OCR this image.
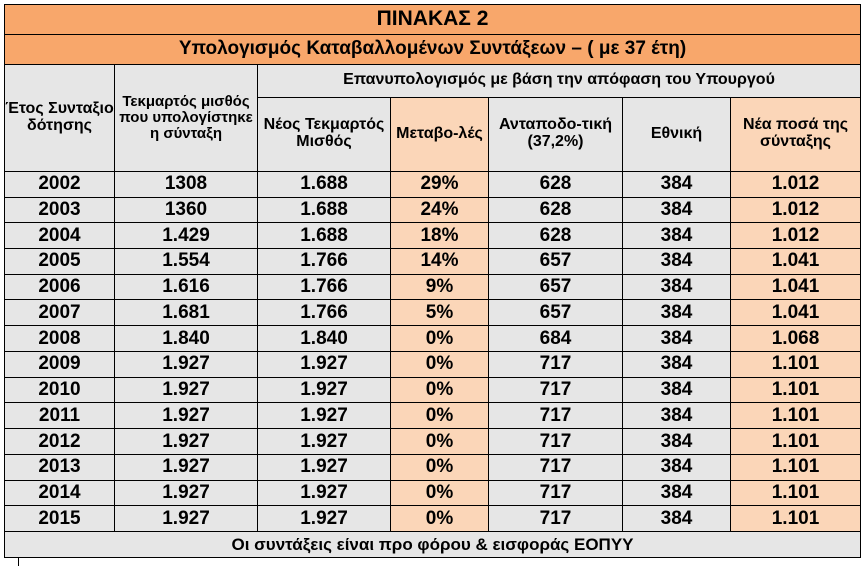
ΠΙΝΑΚΑΣ 2						
Υπολογισμός Καταβαλλομένων Συντάξεων – ( με 37 έτη)						
Έτος Συνταξιο δότησης	Τεκμαρτός μισθός που υπολογίστηκε η σύνταξη	Επανυπολογισμός με βάση την απόφαση του Υπουργού				
		Νέος Τεκμαρτός Μισθός	Μεταβο-λές	Ανταποδο-τική (37,2%)	Εθνική	Νέα ποσά της σύνταξης
2002	1308	1.688	29%	628	384	1.012
2003	1360	1.688	24%	628	384	1.012
2004	1.429	1.688	18%	628	384	1.012
2005	1.554	1.766	14%	657	384	1.041
2006	1.616	1.766	9%	657	384	1.041
2007	1.681	1.766	5%	657	384	1.041
2008	1.840	1.840	0%	684	384	1.068
2009	1.927	1.927	0%	717	384	1.101
2010	1.927	1.927	0%	717	384	1.101
2011	1.927	1.927	0%	717	384	1.101
2012	1.927	1.927	0%	717	384	1.101
2013	1.927	1.927	0%	717	384	1.101
2014	1.927	1.927	0%	717	384	1.101
2015	1.927	1.927	0%	717	384	1.101
Οι συντάξεις είναι προ φόρου & εισφοράς ΕΟΠΥΥ						
